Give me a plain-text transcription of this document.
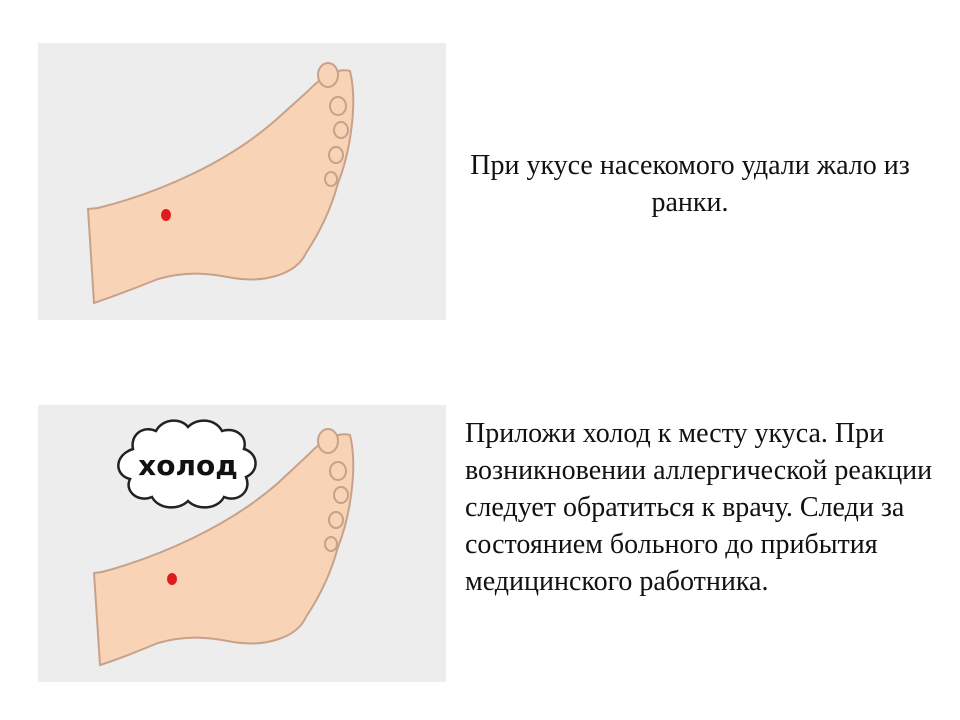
При укусе насекомого удали жало из ранки.
холод
Приложи холод к месту укуса. При возникновении аллергической реакции следует обратиться к врачу. Следи за состоянием больного до прибытия медицинского работника.
